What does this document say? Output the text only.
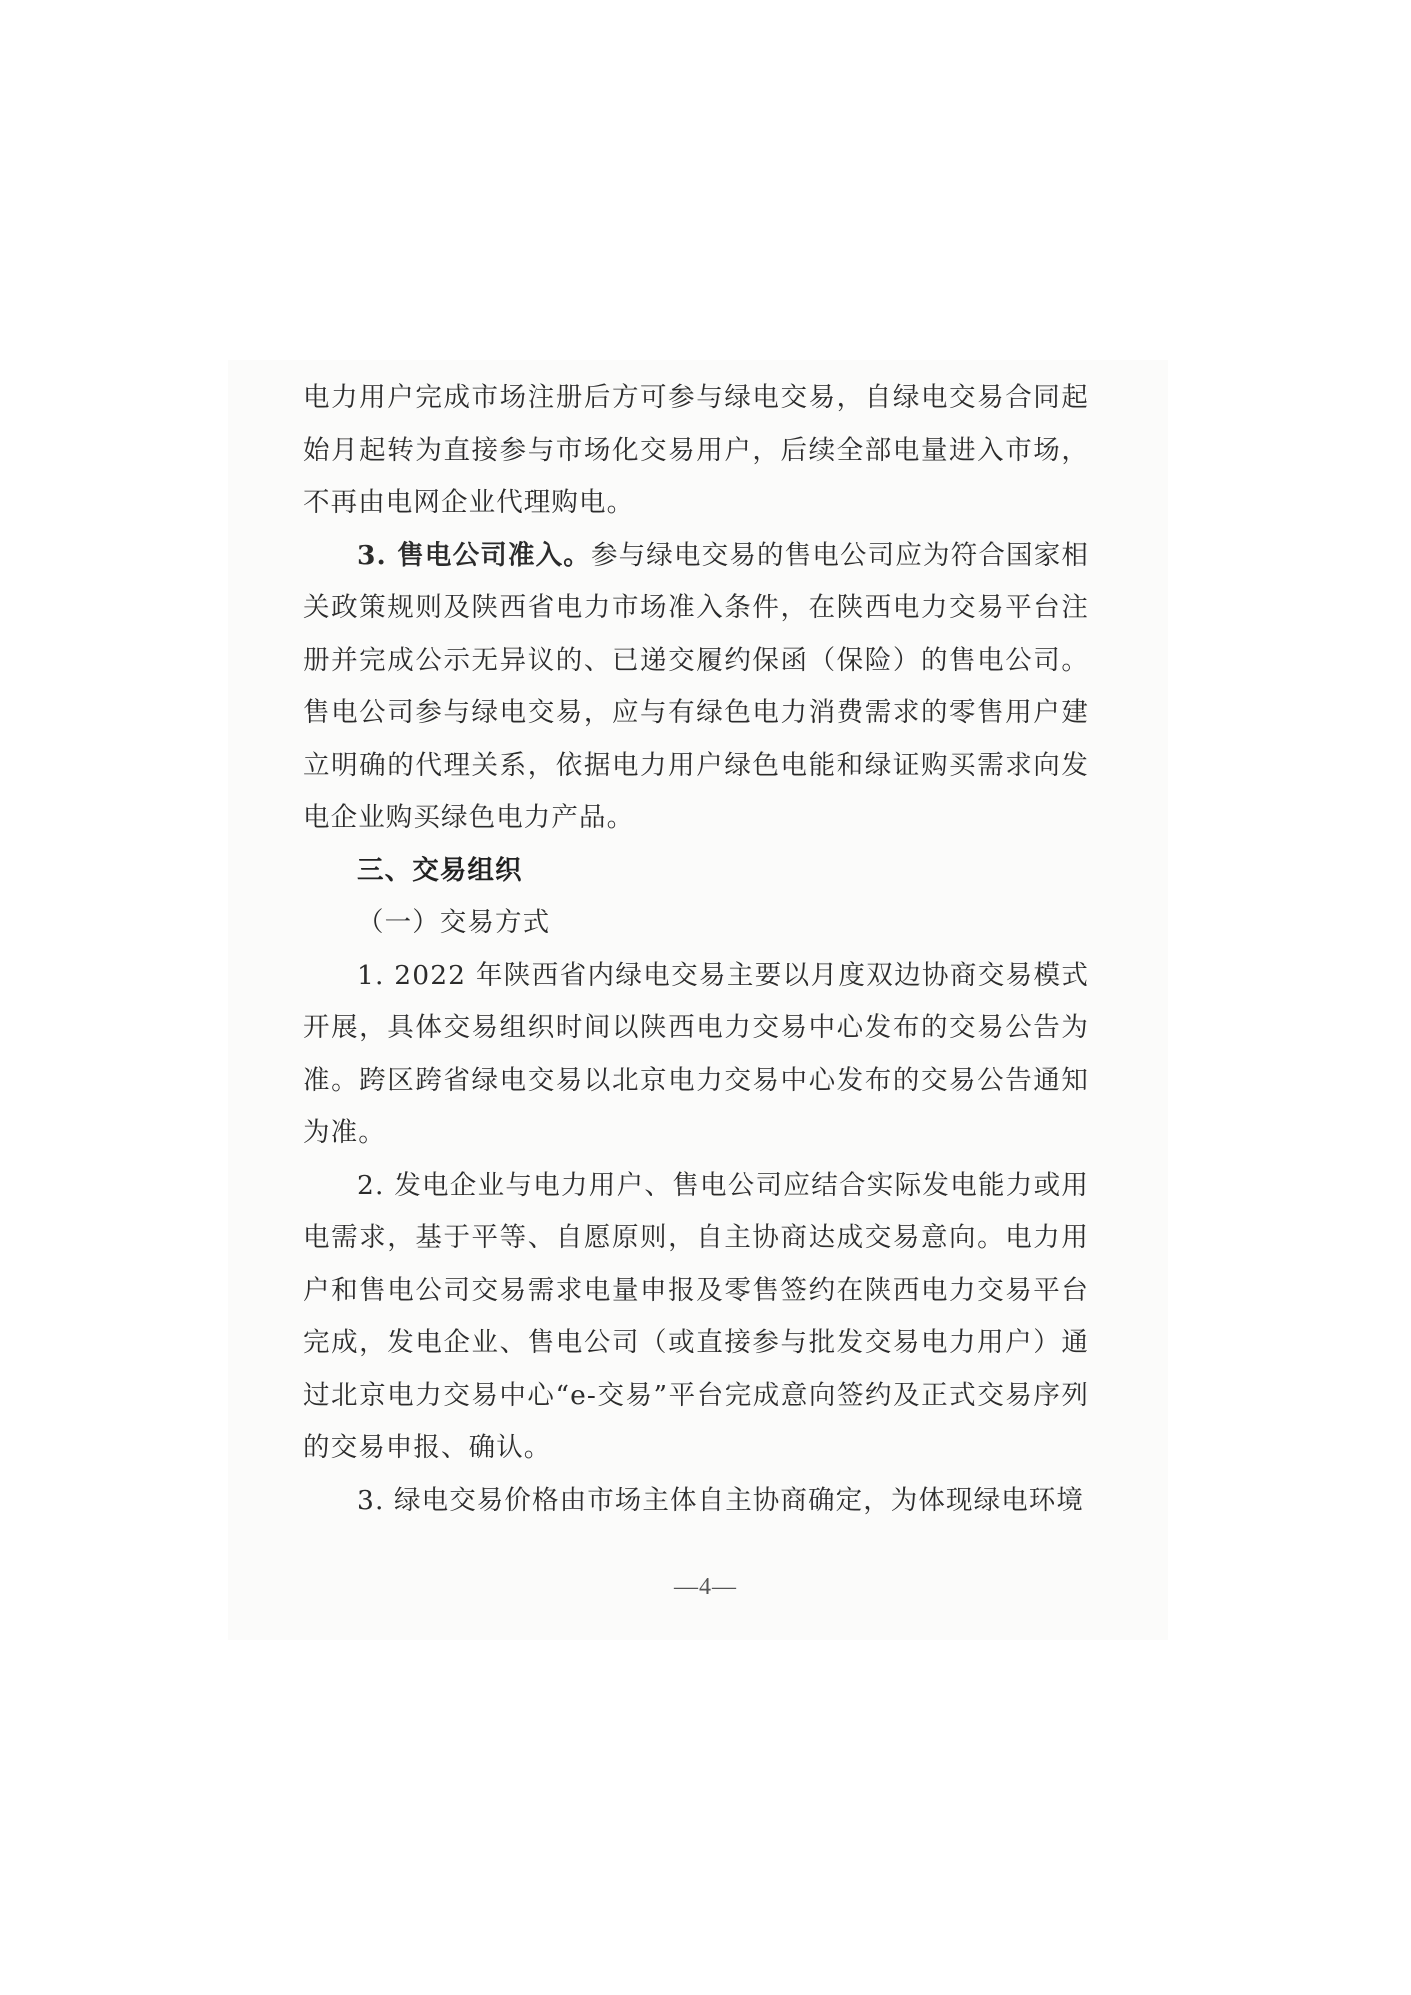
电力用户完成市场注册后方可参与绿电交易，自绿电交易合同起始月起转为直接参与市场化交易用户，后续全部电量进入市场，不再由电网企业代理购电。

3. 售电公司准入。参与绿电交易的售电公司应为符合国家相关政策规则及陕西省电力市场准入条件，在陕西电力交易平台注册并完成公示无异议的、已递交履约保函（保险）的售电公司。售电公司参与绿电交易，应与有绿色电力消费需求的零售用户建立明确的代理关系，依据电力用户绿色电能和绿证购买需求向发电企业购买绿色电力产品。

三、交易组织

（一）交易方式

1. 2022 年陕西省内绿电交易主要以月度双边协商交易模式开展，具体交易组织时间以陕西电力交易中心发布的交易公告为准。跨区跨省绿电交易以北京电力交易中心发布的交易公告通知为准。

2. 发电企业与电力用户、售电公司应结合实际发电能力或用电需求，基于平等、自愿原则，自主协商达成交易意向。电力用户和售电公司交易需求电量申报及零售签约在陕西电力交易平台完成，发电企业、售电公司（或直接参与批发交易电力用户）通过北京电力交易中心“e-交易”平台完成意向签约及正式交易序列的交易申报、确认。

3. 绿电交易价格由市场主体自主协商确定，为体现绿电环境

—4—
